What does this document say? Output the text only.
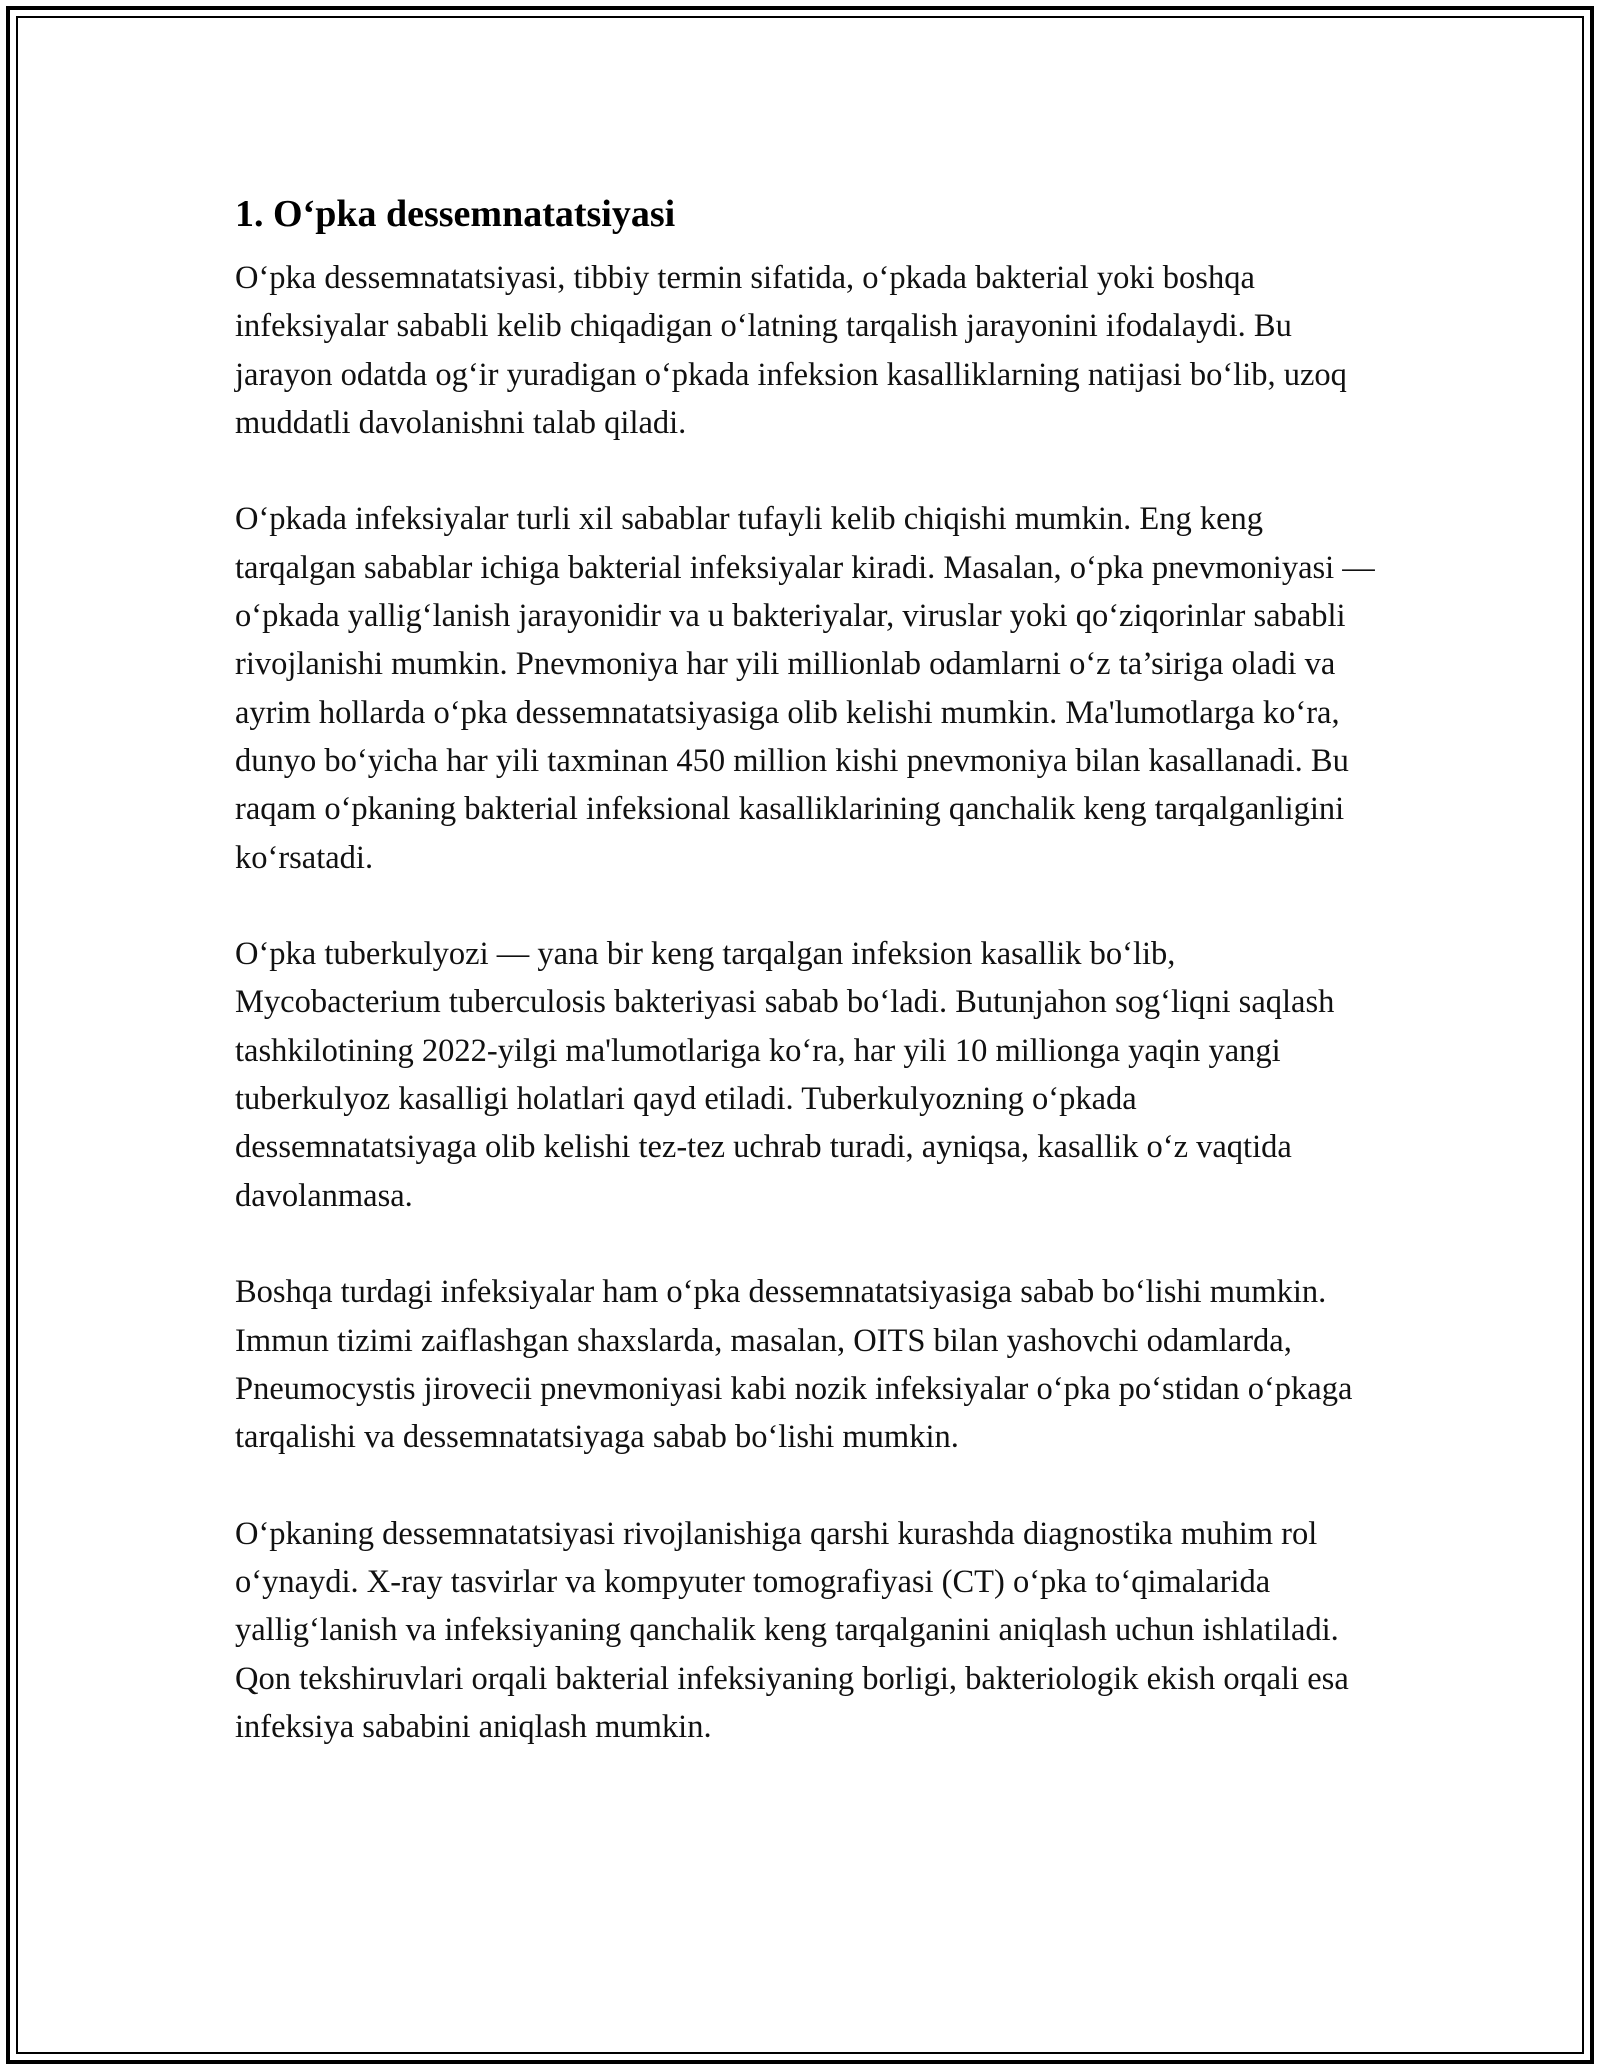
1. O‘pka dessemnatatsiyasi

O‘pka dessemnatatsiyasi, tibbiy termin sifatida, o‘pkada bakterial yoki boshqa infeksiyalar sababli kelib chiqadigan o‘latning tarqalish jarayonini ifodalaydi. Bu jarayon odatda og‘ir yuradigan o‘pkada infeksion kasalliklarning natijasi bo‘lib, uzoq muddatli davolanishni talab qiladi.

O‘pkada infeksiyalar turli xil sabablar tufayli kelib chiqishi mumkin. Eng keng tarqalgan sabablar ichiga bakterial infeksiyalar kiradi. Masalan, o‘pka pnevmoniyasi — o‘pkada yallig‘lanish jarayonidir va u bakteriyalar, viruslar yoki qo‘ziqorinlar sababli rivojlanishi mumkin. Pnevmoniya har yili millionlab odamlarni o‘z ta’siriga oladi va ayrim hollarda o‘pka dessemnatatsiyasiga olib kelishi mumkin. Ma'lumotlarga ko‘ra, dunyo bo‘yicha har yili taxminan 450 million kishi pnevmoniya bilan kasallanadi. Bu raqam o‘pkaning bakterial infeksional kasalliklarining qanchalik keng tarqalganligini ko‘rsatadi.

O‘pka tuberkulyozi — yana bir keng tarqalgan infeksion kasallik bo‘lib, Mycobacterium tuberculosis bakteriyasi sabab bo‘ladi. Butunjahon sog‘liqni saqlash tashkilotining 2022-yilgi ma'lumotlariga ko‘ra, har yili 10 millionga yaqin yangi tuberkulyoz kasalligi holatlari qayd etiladi. Tuberkulyozning o‘pkada dessemnatatsiyaga olib kelishi tez-tez uchrab turadi, ayniqsa, kasallik o‘z vaqtida davolanmasa.

Boshqa turdagi infeksiyalar ham o‘pka dessemnatatsiyasiga sabab bo‘lishi mumkin. Immun tizimi zaiflashgan shaxslarda, masalan, OITS bilan yashovchi odamlarda, Pneumocystis jirovecii pnevmoniyasi kabi nozik infeksiyalar o‘pka po‘stidan o‘pkaga tarqalishi va dessemnatatsiyaga sabab bo‘lishi mumkin.

O‘pkaning dessemnatatsiyasi rivojlanishiga qarshi kurashda diagnostika muhim rol o‘ynaydi. X-ray tasvirlar va kompyuter tomografiyasi (CT) o‘pka to‘qimalarida yallig‘lanish va infeksiyaning qanchalik keng tarqalganini aniqlash uchun ishlatiladi. Qon tekshiruvlari orqali bakterial infeksiyaning borligi, bakteriologik ekish orqali esa infeksiya sababini aniqlash mumkin.
